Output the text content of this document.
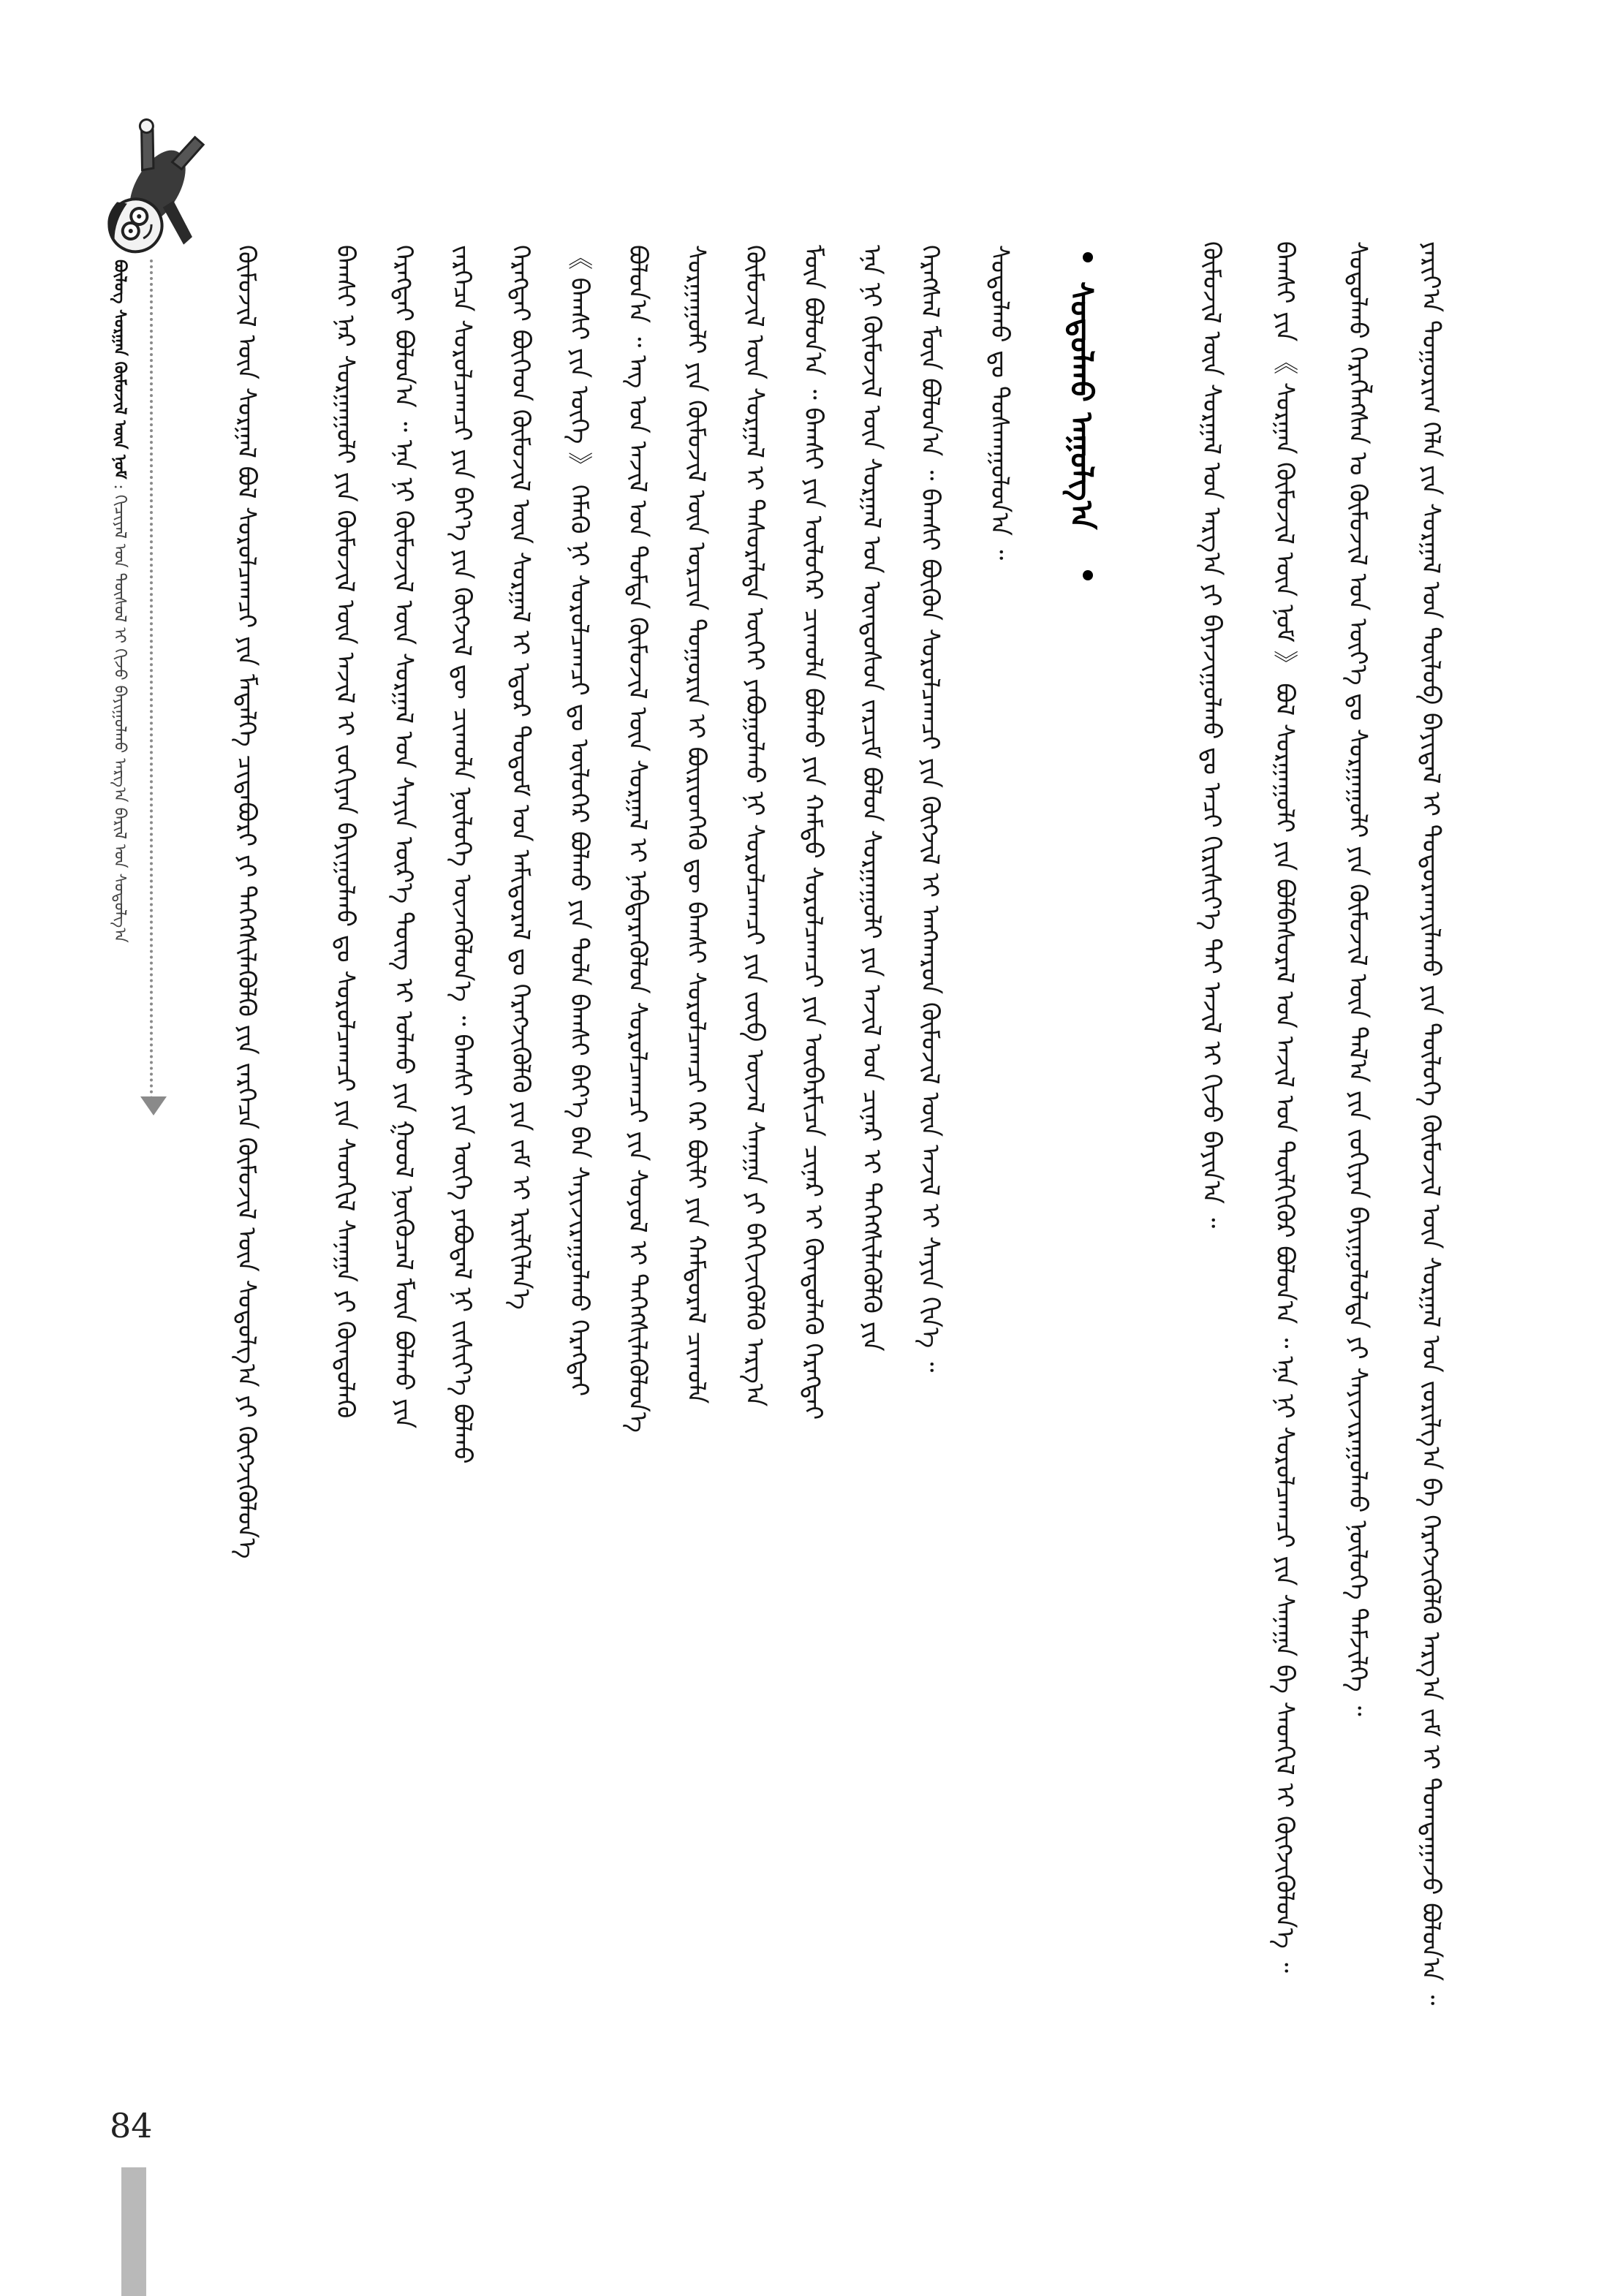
ᠪᠦᠯᠦᠭ ᠰᠤᠷᠭᠠᠨ ᠬᠦᠮᠦᠵᠢᠯ ᠦᠨ ᠨᠣᠮ : ᠬᠢᠴᠢᠶᠡᠯ ᠤᠨ ᠲᠥᠰᠥᠯ ᠢ ᠬᠢᠵᠦ ᠪᠠᠶᠢᠭᠤᠯᠬᠤ ᠠᠷᠭ᠎ᠠ ᠪᠠᠷᠢᠯ ᠤᠨ ᠰᠤᠳᠤᠯᠭ᠎ᠠ
ᠰᠣᠳᠤᠯᠬᠤ ᠳᠤ ᠳᠤᠰᠬᠠᠭᠤᠯᠤᠨ᠎ᠠ ᠃
ᠬᠡᠷᠡᠭᠰᠡᠯ ᠮᠥᠨ ᠪᠣᠯᠤᠨ᠎ᠠ ᠃ ᠪᠠᠭᠰᠢ ᠪᠥᠬᠥᠨ ᠰᠤᠷᠤᠯᠴᠠᠭᠴᠢ ᠶᠢᠨ ᠬᠥᠭᠵᠢᠯ ᠢ ᠠᠩᠬᠠᠷᠤᠨ ᠬᠦᠮᠦᠵᠢᠯ ᠦᠨ ᠠᠵᠢᠯ ᠢ ᠰᠠᠶᠢᠨ ᠬᠢᠨ᠎ᠡ ᠃
ᠡᠨᠡ ᠨᠢ ᠬᠦᠮᠦᠵᠢᠯ ᠦᠨ ᠰᠤᠷᠭᠠᠯ ᠤᠨ ᠦᠨᠳᠦᠰᠦᠨ ᠵᠠᠷᠴᠢᠮ ᠪᠣᠯᠤᠨ ᠰᠤᠷᠭᠠᠭᠤᠯᠢ ᠶᠢᠨ ᠠᠵᠢᠯ ᠤᠨ ᠴᠢᠨᠠᠷ ᠢ ᠳᠡᠭᠡᠭᠰᠢᠯᠡᠭᠦᠯᠬᠦ ᠶᠢᠨ
ᠮᠥᠨ ᠪᠣᠯᠤᠨ᠎ᠠ ᠃ ᠪᠠᠭᠰᠢ ᠶᠢᠨ ᠦᠯᠦᠭᠡᠷ ᠴᠢᠬᠤᠯᠠ ᠪᠣᠯᠬᠤ ᠶᠢᠨ ᠬᠠᠮᠲᠤ ᠰᠤᠷᠤᠯᠴᠠᠭᠴᠢ ᠶᠢᠨ ᠥᠪᠡᠷᠮᠢᠴᠡ ᠴᠢᠨᠠᠷ ᠢ ᠬᠦᠨᠳᠦᠯᠡᠬᠦ ᠬᠡᠷᠡᠭᠲᠡᠢ
ᠬᠦᠮᠦᠵᠢᠯ ᠦᠨ ᠰᠤᠷᠭᠠᠯ ᠢ ᠲᠠᠰᠤᠷᠠᠯᠲᠠ ᠦᠭᠡᠢ ᠶᠠᠪᠤᠭᠤᠯᠬᠤ ᠨᠢ ᠰᠤᠷᠤᠯᠴᠠᠭᠴᠢ ᠶᠢᠨ ᠵᠥᠪ ᠦᠵᠡᠯ ᠰᠠᠨᠠᠭᠠ ᠶᠢ ᠪᠡᠬᠢᠵᠢᠭᠦᠯᠬᠦ ᠠᠷᠭ᠎ᠠ
ᠰᠤᠷᠭᠠᠭᠤᠯᠢ ᠶᠢᠨ ᠬᠦᠮᠦᠵᠢᠯ ᠦᠨ ᠣᠷᠴᠢᠨ ᠲᠣᠭᠣᠷᠢᠨ ᠢ ᠪᠦᠷᠢᠳᠬᠡᠬᠦ ᠳᠦ ᠪᠠᠭᠰᠢ ᠰᠤᠷᠤᠯᠴᠠᠭᠴᠢ ᠭᠡᠷ ᠪᠦᠯᠢ ᠶᠢᠨ ᠬᠠᠮᠲᠤᠷᠠᠯ ᠴᠢᠬᠤᠯᠠ
ᠪᠣᠯᠤᠨ᠎ᠠ ᠃ ᠡᠩ ᠤᠨ ᠠᠵᠢᠯ ᠤᠨ ᠳᠤᠮᠳᠠ ᠬᠦᠮᠦᠵᠢᠯ ᠦᠨ ᠰᠤᠷᠭᠠᠯ ᠢ ᠨᠡᠪᠲᠡᠷᠡᠭᠦᠯᠦᠨ ᠰᠤᠷᠤᠯᠴᠠᠭᠴᠢ ᠶᠢᠨ ᠰᠣᠶᠣᠯ ᠢ ᠳᠡᠭᠡᠭᠰᠢᠯᠡᠭᠦᠯᠦᠨ᠎ᠡ
《 ᠪᠠᠭᠰᠢ ᠶᠢᠨ ᠦᠭᠡ 》 ᠬᠡᠮᠡᠬᠦ ᠨᠢ ᠰᠤᠷᠤᠯᠴᠠᠭᠴᠢ ᠳᠤ ᠦᠯᠦᠭᠡᠷ ᠪᠣᠯᠬᠤ ᠶᠢᠨ ᠲᠤᠯᠠ ᠪᠠᠭᠰᠢ ᠪᠡᠶ᠎ᠡ ᠪᠡᠨ ᠰᠠᠶᠢᠵᠢᠷᠠᠭᠤᠯᠬᠤ ᠬᠡᠷᠡᠭᠲᠡᠢ
ᠬᠡᠷᠡᠭᠲᠡᠢ ᠪᠥᠭᠡᠳ ᠬᠦᠮᠦᠵᠢᠯ ᠦᠨ ᠰᠤᠷᠭᠠᠯ ᠢ ᠡᠳᠦᠷ ᠲᠤᠲᠤᠮ ᠤᠨ ᠠᠮᠢᠳᠤᠷᠠᠯ ᠳᠤ ᠬᠡᠷᠡᠭᠵᠢᠭᠦᠯᠬᠦ ᠶᠢᠨ ᠵᠠᠮ ᠢ ᠡᠷᠢᠯᠬᠢᠯᠡᠨ᠎ᠡ
ᠵᠡᠷᠭᠡᠴᠡ ᠰᠤᠷᠤᠯᠴᠠᠭᠴᠢ ᠶᠢᠨ ᠪᠡᠶ᠎ᠡ ᠶᠢᠨ ᠬᠥᠭᠵᠢᠯ ᠳᠦ ᠴᠢᠬᠤᠯᠠ ᠨᠥᠯᠥᠭᠡ ᠦᠵᠡᠭᠦᠯᠦᠨ᠎ᠡ ᠃ ᠪᠠᠭᠰᠢ ᠶᠢᠨ ᠦᠭᠡ ᠶᠠᠪᠤᠳᠠᠯ ᠨᠢ ᠵᠢᠱᠢᠶ᠎ᠡ ᠪᠣᠯᠬᠤ
ᠬᠡᠷᠡᠭᠲᠡᠢ ᠪᠣᠯᠤᠨ᠎ᠠ ᠃ ᠡᠨᠡ ᠨᠢ ᠬᠦᠮᠦᠵᠢᠯ ᠦᠨ ᠰᠤᠷᠭᠠᠯ ᠤᠨ ᠰᠠᠶᠢᠨ ᠦᠷ᠎ᠡ ᠳᠦᠩ ᠢ ᠣᠯᠬᠤ ᠶᠢᠨ ᠭᠣᠣᠯ ᠨᠥᠬᠦᠴᠡᠯ ᠮᠥᠨ ᠪᠣᠯᠬᠤ ᠶᠢᠨ
ᠪᠠᠭᠰᠢ ᠨᠠᠷ ᠰᠤᠷᠭᠠᠭᠤᠯᠢ ᠶᠢᠨ ᠬᠦᠮᠦᠵᠢᠯ ᠦᠨ ᠠᠵᠢᠯ ᠢ ᠵᠣᠬᠢᠶᠠᠨ ᠪᠠᠶᠢᠭᠤᠯᠬᠤ ᠳᠤ ᠰᠤᠷᠤᠯᠴᠠᠭᠴᠢ ᠶᠢᠨ ᠰᠡᠳᠬᠢᠯ ᠰᠠᠨᠠᠭᠠ ᠶᠢ ᠬᠦᠨᠳᠦᠯᠡᠬᠦ
ᠬᠦᠮᠦᠵᠢᠯ ᠦᠨ ᠰᠤᠷᠭᠠᠯ ᠪᠣᠯ ᠰᠤᠷᠤᠯᠴᠠᠭᠴᠢ ᠶᠢᠨ ᠮᠡᠳᠡᠯᠭᠡ ᠴᠢᠳᠠᠪᠤᠷᠢ ᠶᠢ ᠳᠡᠭᠡᠭᠰᠢᠯᠡᠭᠦᠯᠬᠦ ᠶᠢᠨ ᠵᠡᠷᠭᠡᠴᠡ ᠬᠦᠮᠦᠵᠢᠯ ᠦᠨ ᠰᠤᠳᠤᠯᠭ᠎ᠠ ᠶᠢ ᠬᠥᠭᠵᠢᠭᠦᠯᠦᠨ᠎ᠡ	ᠰᠣᠳᠤᠯᠬᠤ ᠠᠭᠤᠯᠭ᠎ᠠ	ᠶᠠᠷᠢᠶ᠎ᠠ ᠲᠤᠭᠤᠷᠢᠭ ᠬᠡᠯᠡ ᠶᠢᠨ ᠰᠤᠷᠭᠠᠯ ᠤᠨ ᠲᠥᠯᠥᠪ ᠪᠠᠶᠢᠳᠠᠯ ᠢ ᠲᠣᠳᠣᠷᠬᠠᠶᠢᠯᠠᠬᠤ ᠶᠢᠨ ᠲᠥᠯᠥᠭᠡ ᠬᠦᠮᠦᠵᠢᠯ ᠦᠨ ᠰᠤᠷᠭᠠᠯ ᠤᠨ ᠵᠣᠷᠢᠯᠭ᠎ᠠ ᠪᠠ ᠬᠡᠷᠡᠭᠵᠢᠭᠦᠯᠬᠦ ᠠᠷᠭ᠎ᠠ ᠵᠠᠮ ᠢ ᠲᠣᠭᠲᠠᠭᠠᠵᠤ ᠪᠣᠯᠤᠨ᠎ᠠ ᠃
ᠰᠣᠳᠤᠯᠬᠤ ᠬᠡᠷᠡᠭᠯᠡᠭᠰᠡᠨ ᠤ ᠬᠦᠮᠦᠵᠢᠯ ᠤᠨ ᠦᠶ᠎ᠡ ᠳᠤ ᠰᠤᠷᠭᠠᠭᠤᠯᠢ ᠶᠢᠨ ᠬᠦᠮᠦᠵᠢᠯ ᠦᠨ ᠲᠠᠯ᠎ᠠ ᠶᠢᠨ ᠵᠣᠬᠢᠶᠠᠨ ᠪᠠᠶᠢᠭᠤᠯᠤᠯᠲᠠ ᠶᠢ ᠰᠠᠶᠢᠵᠢᠷᠠᠭᠤᠯᠬᠤ ᠨᠥᠯᠥᠭᠡ ᠳᠡᠮᠵᠢᠯᠭᠡ ᠃
ᠪᠠᠭᠰᠢ ᠶᠢᠨ 《 ᠰᠤᠷᠭᠠᠨ ᠬᠦᠮᠦᠵᠢᠯ ᠦᠨ ᠨᠣᠮ 》 ᠪᠣᠯ ᠰᠤᠷᠭᠠᠭᠤᠯᠢ ᠶᠢᠨ ᠪᠣᠯᠪᠠᠰᠤᠷᠠᠯ ᠤᠨ ᠠᠵᠢᠯ ᠤᠨ ᠲᠦᠯᠬᠢᠭᠦᠷ ᠪᠣᠯᠤᠨ᠎ᠠ ᠃ ᠡᠨᠡ ᠨᠢ ᠰᠤᠷᠤᠯᠴᠠᠭᠴᠢ ᠶᠢᠨ ᠰᠠᠨᠠᠭᠠ ᠪᠠ ᠰᠡᠳᠬᠢᠯ ᠢ ᠬᠥᠭᠵᠢᠭᠦᠯᠦᠨ᠎ᠡ ᠃
ᠬᠦᠮᠦᠵᠢᠯ ᠦᠨ ᠰᠤᠷᠭᠠᠯ ᠤᠨ ᠠᠷᠭ᠎ᠠ ᠶᠢ ᠪᠠᠶᠠᠵᠢᠭᠤᠯᠬᠤ ᠳᠤ ᠠᠴᠢ ᠬᠢᠷᠢᠰᠢᠶ᠎ᠡ ᠲᠡᠢ ᠠᠵᠢᠯ ᠢ ᠬᠢᠵᠦ ᠪᠠᠶᠢᠨ᠎ᠠ ᠃
84
